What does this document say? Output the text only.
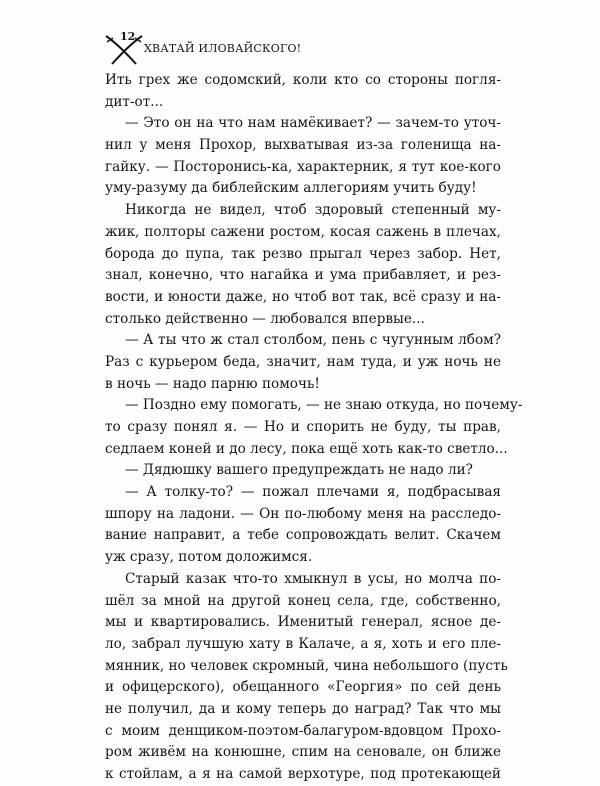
12
ХВАТАЙ ИЛОВАЙСКОГО!
Ить грех же содомский, коли кто со стороны погля-
дит-от...
— Это он на что нам намёкивает? — зачем-то уточ-
нил у меня Прохор, выхватывая из-за голенища на-
гайку. — Посторонись-ка, характерник, я тут кое-кого
уму-разуму да библейским аллегориям учить буду!
Никогда не видел, чтоб здоровый степенный му-
жик, полторы сажени ростом, косая сажень в плечах,
борода до пупа, так резво прыгал через забор. Нет,
знал, конечно, что нагайка и ума прибавляет, и рез-
вости, и юности даже, но чтоб вот так, всё сразу и на-
столько действенно — любовался впервые...
— А ты что ж стал столбом, пень с чугунным лбом?
Раз с курьером беда, значит, нам туда, и уж ночь не
в ночь — надо парню помочь!
— Поздно ему помогать, — не знаю откуда, но почему-
то сразу понял я. — Но и спорить не буду, ты прав,
седлаем коней и до лесу, пока ещё хоть как-то светло...
— Дядюшку вашего предупреждать не надо ли?
— А толку-то? — пожал плечами я, подбрасывая
шпору на ладони. — Он по-любому меня на расследо-
вание направит, а тебе сопровождать велит. Скачем
уж сразу, потом доложимся.
Старый казак что-то хмыкнул в усы, но молча по-
шёл за мной на другой конец села, где, собственно,
мы и квартировались. Именитый генерал, ясное де-
ло, забрал лучшую хату в Калаче, а я, хоть и его пле-
мянник, но человек скромный, чина небольшого (пусть
и офицерского), обещанного «Георгия» по сей день
не получил, да и кому теперь до наград? Так что мы
с моим денщиком-поэтом-балагуром-вдовцом Прохо-
ром живём на конюшне, спим на сеновале, он ближе
к стойлам, а я на самой верхотуре, под протекающей
